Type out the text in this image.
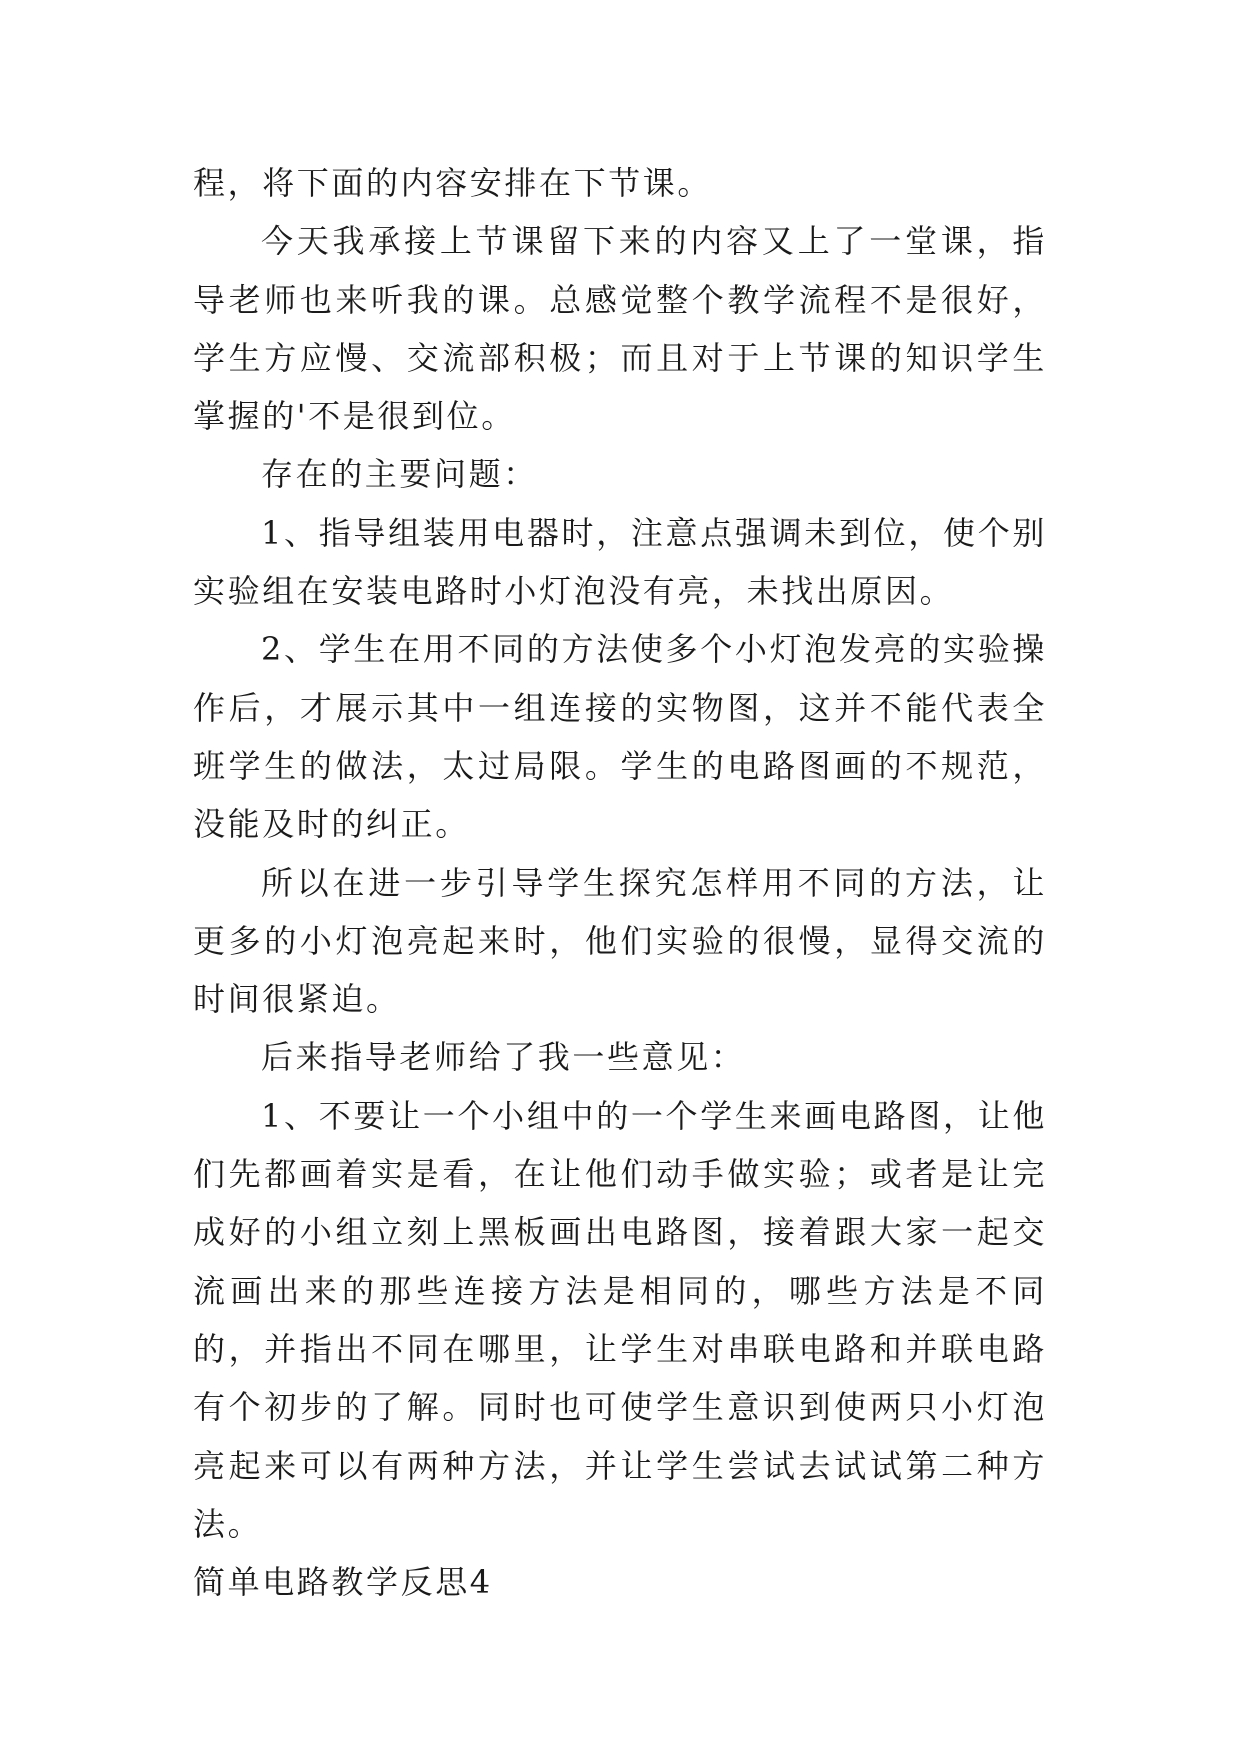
程，将下面的内容安排在下节课。

今天我承接上节课留下来的内容又上了一堂课，指导老师也来听我的课。总感觉整个教学流程不是很好，学生方应慢、交流部积极；而且对于上节课的知识学生掌握的'不是很到位。

存在的主要问题：

1、指导组装用电器时，注意点强调未到位，使个别实验组在安装电路时小灯泡没有亮，未找出原因。

2、学生在用不同的方法使多个小灯泡发亮的实验操作后，才展示其中一组连接的实物图，这并不能代表全班学生的做法，太过局限。学生的电路图画的不规范，没能及时的纠正。

所以在进一步引导学生探究怎样用不同的方法，让更多的小灯泡亮起来时，他们实验的很慢，显得交流的时间很紧迫。

后来指导老师给了我一些意见：

1、不要让一个小组中的一个学生来画电路图，让他们先都画着实是看，在让他们动手做实验；或者是让完成好的小组立刻上黑板画出电路图，接着跟大家一起交流画出来的那些连接方法是相同的，哪些方法是不同的，并指出不同在哪里，让学生对串联电路和并联电路有个初步的了解。同时也可使学生意识到使两只小灯泡亮起来可以有两种方法，并让学生尝试去试试第二种方法。

简单电路教学反思4
